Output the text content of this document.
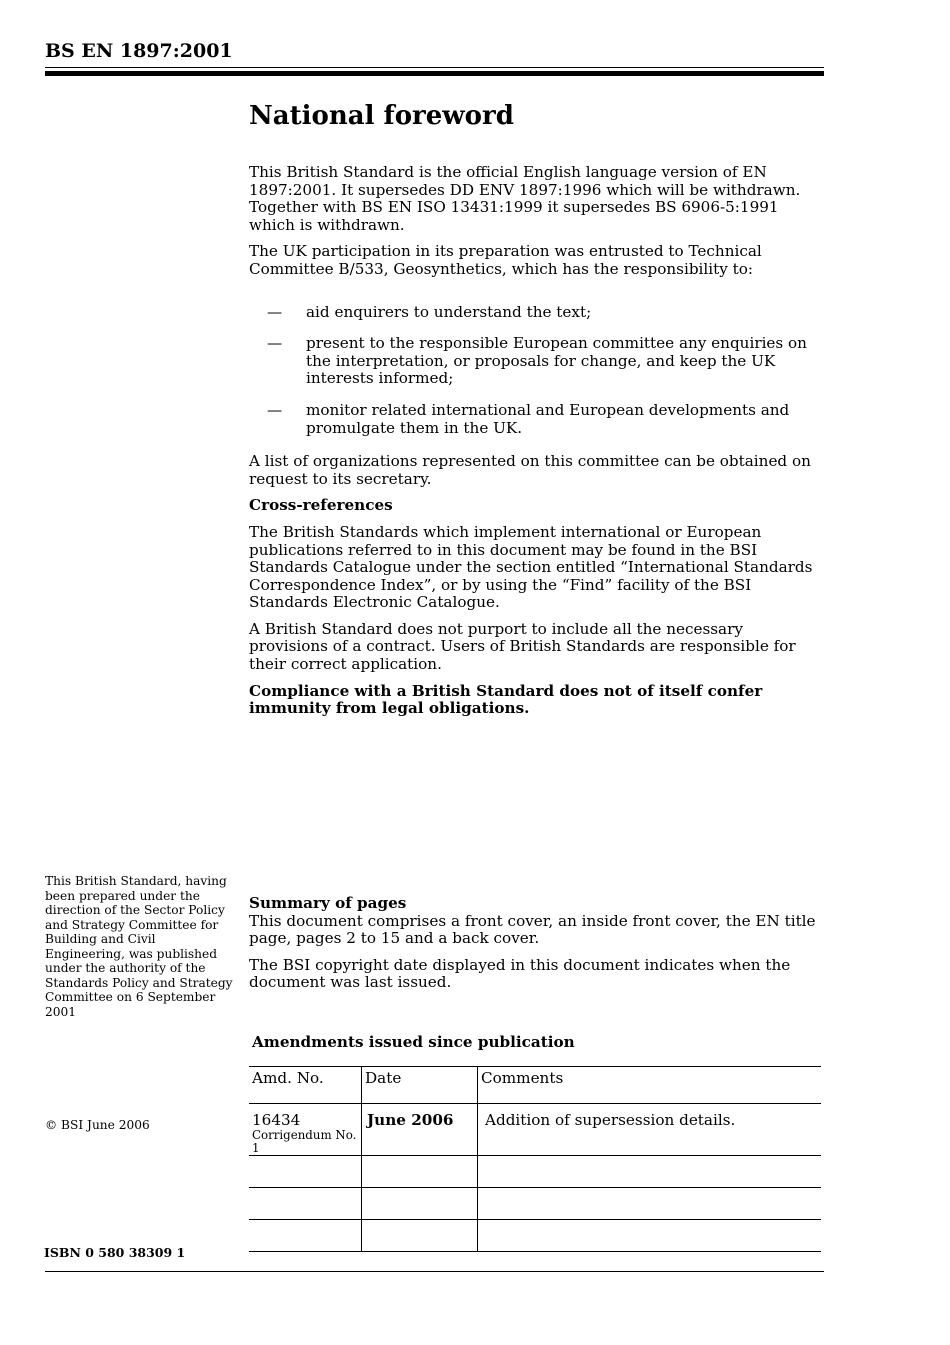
BS EN 1897:2001
National foreword

This British Standard is the official English language version of EN 1897:2001. It supersedes DD ENV 1897:1996 which will be withdrawn. Together with BS EN ISO 13431:1999 it supersedes BS 6906-5:1991 which is withdrawn.

The UK participation in its preparation was entrusted to Technical Committee B/533, Geosynthetics, which has the responsibility to:

— aid enquirers to understand the text;
— present to the responsible European committee any enquiries on the interpretation, or proposals for change, and keep the UK interests informed;
— monitor related international and European developments and promulgate them in the UK.

A list of organizations represented on this committee can be obtained on request to its secretary.

Cross-references

The British Standards which implement international or European publications referred to in this document may be found in the BSI Standards Catalogue under the section entitled “International Standards Correspondence Index”, or by using the “Find” facility of the BSI Standards Electronic Catalogue.

A British Standard does not purport to include all the necessary provisions of a contract. Users of British Standards are responsible for their correct application.

Compliance with a British Standard does not of itself confer immunity from legal obligations.

This British Standard, having been prepared under the direction of the Sector Policy and Strategy Committee for Building and Civil Engineering, was published under the authority of the Standards Policy and Strategy Committee on 6 September 2001
© BSI June 2006
ISBN 0 580 38309 1

Summary of pages

This document comprises a front cover, an inside front cover, the EN title page, pages 2 to 15 and a back cover.

The BSI copyright date displayed in this document indicates when the document was last issued.

Amendments issued since publication
Amd. No.	Date	Comments
16434
Corrigendum No. 1	June 2006	Addition of supersession details.
